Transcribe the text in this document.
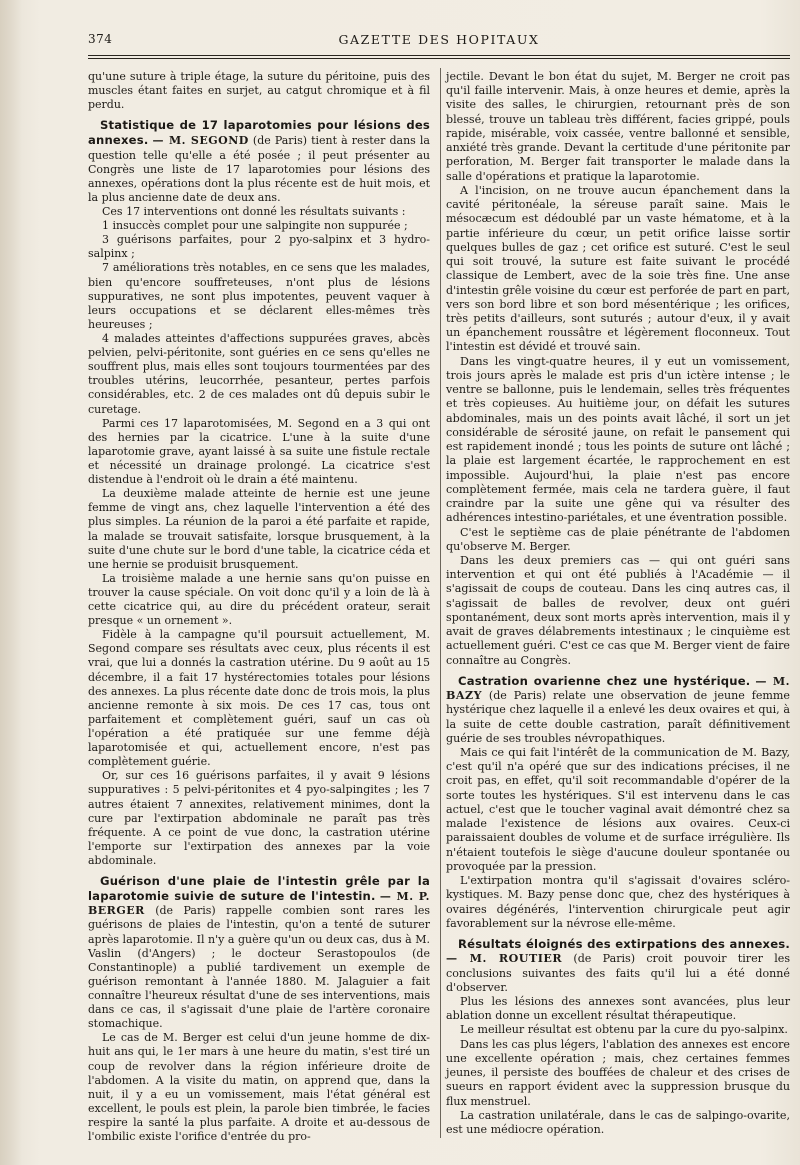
374	GAZETTE DES HOPITAUX

qu'une suture à triple étage, la suture du péritoine, puis des muscles étant faites en surjet, au catgut chromique et à fil perdu.

Statistique de 17 laparotomies pour lésions des annexes. — M. SEGOND (de Paris) tient à rester dans la question telle qu'elle a été posée ; il peut présenter au Congrès une liste de 17 laparotomies pour lésions des annexes, opérations dont la plus récente est de huit mois, et la plus ancienne date de deux ans.

Ces 17 interventions ont donné les résultats suivants :

1 insuccès complet pour une salpingite non suppurée ;

3 guérisons parfaites, pour 2 pyo-salpinx et 3 hydro-salpinx ;

7 améliorations très notables, en ce sens que les malades, bien qu'encore souffreteuses, n'ont plus de lésions suppuratives, ne sont plus impotentes, peuvent vaquer à leurs occupations et se déclarent elles-mêmes très heureuses ;

4 malades atteintes d'affections suppurées graves, abcès pelvien, pelvi-péritonite, sont guéries en ce sens qu'elles ne souffrent plus, mais elles sont toujours tourmentées par des troubles utérins, leucorrhée, pesanteur, pertes parfois considérables, etc. 2 de ces malades ont dû depuis subir le curetage.

Parmi ces 17 laparotomisées, M. Segond en a 3 qui ont des hernies par la cicatrice. L'une à la suite d'une laparotomie grave, ayant laissé à sa suite une fistule rectale et nécessité un drainage prolongé. La cicatrice s'est distendue à l'endroit où le drain a été maintenu.

La deuxième malade atteinte de hernie est une jeune femme de vingt ans, chez laquelle l'intervention a été des plus simples. La réunion de la paroi a été parfaite et rapide, la malade se trouvait satisfaite, lorsque brusquement, à la suite d'une chute sur le bord d'une table, la cicatrice céda et une hernie se produisit brusquement.

La troisième malade a une hernie sans qu'on puisse en trouver la cause spéciale. On voit donc qu'il y a loin de là à cette cicatrice qui, au dire du précédent orateur, serait presque « un ornement ».

Fidèle à la campagne qu'il poursuit actuellement, M. Segond compare ses résultats avec ceux, plus récents il est vrai, que lui a donnés la castration utérine. Du 9 août au 15 décembre, il a fait 17 hystérectomies totales pour lésions des annexes. La plus récente date donc de trois mois, la plus ancienne remonte à six mois. De ces 17 cas, tous ont parfaitement et complètement guéri, sauf un cas où l'opération a été pratiquée sur une femme déjà laparotomisée et qui, actuellement encore, n'est pas complètement guérie.

Or, sur ces 16 guérisons parfaites, il y avait 9 lésions suppuratives : 5 pelvi-péritonites et 4 pyo-salpingites ; les 7 autres étaient 7 annexites, relativement minimes, dont la cure par l'extirpation abdominale ne paraît pas très fréquente. A ce point de vue donc, la castration utérine l'emporte sur l'extirpation des annexes par la voie abdominale.

Guérison d'une plaie de l'intestin grêle par la laparotomie suivie de suture de l'intestin. — M. P. BERGER (de Paris) rappelle combien sont rares les guérisons de plaies de l'intestin, qu'on a tenté de suturer après laparotomie. Il n'y a guère qu'un ou deux cas, dus à M. Vaslin (d'Angers) ; le docteur Serastopoulos (de Constantinople) a publié tardivement un exemple de guérison remontant à l'année 1880. M. Jalaguier a fait connaître l'heureux résultat d'une de ses interventions, mais dans ce cas, il s'agissait d'une plaie de l'artère coronaire stomachique.

Le cas de M. Berger est celui d'un jeune homme de dix-huit ans qui, le 1er mars à une heure du matin, s'est tiré un coup de revolver dans la région inférieure droite de l'abdomen. A la visite du matin, on apprend que, dans la nuit, il y a eu un vomissement, mais l'état général est excellent, le pouls est plein, la parole bien timbrée, le facies respire la santé la plus parfaite. A droite et au-dessous de l'ombilic existe l'orifice d'entrée du pro-

jectile. Devant le bon état du sujet, M. Berger ne croit pas qu'il faille intervenir. Mais, à onze heures et demie, après la visite des salles, le chirurgien, retournant près de son blessé, trouve un tableau très différent, facies grippé, pouls rapide, misérable, voix cassée, ventre ballonné et sensible, anxiété très grande. Devant la certitude d'une péritonite par perforation, M. Berger fait transporter le malade dans la salle d'opérations et pratique la laparotomie.

A l'incision, on ne trouve aucun épanchement dans la cavité péritonéale, la séreuse paraît saine. Mais le mésocæcum est dédoublé par un vaste hématome, et à la partie inférieure du cœur, un petit orifice laisse sortir quelques bulles de gaz ; cet orifice est suturé. C'est le seul qui soit trouvé, la suture est faite suivant le procédé classique de Lembert, avec de la soie très fine. Une anse d'intestin grêle voisine du cœur est perforée de part en part, vers son bord libre et son bord mésentérique ; les orifices, très petits d'ailleurs, sont suturés ; autour d'eux, il y avait un épanchement roussâtre et légèrement floconneux. Tout l'intestin est dévidé et trouvé sain.

Dans les vingt-quatre heures, il y eut un vomissement, trois jours après le malade est pris d'un ictère intense ; le ventre se ballonne, puis le lendemain, selles très fréquentes et très copieuses. Au huitième jour, on défait les sutures abdominales, mais un des points avait lâché, il sort un jet considérable de sérosité jaune, on refait le pansement qui est rapidement inondé ; tous les points de suture ont lâché ; la plaie est largement écartée, le rapprochement en est impossible. Aujourd'hui, la plaie n'est pas encore complètement fermée, mais cela ne tardera guère, il faut craindre par la suite une gêne qui va résulter des adhérences intestino-pariétales, et une éventration possible.

C'est le septième cas de plaie pénétrante de l'abdomen qu'observe M. Berger.

Dans les deux premiers cas — qui ont guéri sans intervention et qui ont été publiés à l'Académie — il s'agissait de coups de couteau. Dans les cinq autres cas, il s'agissait de balles de revolver, deux ont guéri spontanément, deux sont morts après intervention, mais il y avait de graves délabrements intestinaux ; le cinquième est actuellement guéri. C'est ce cas que M. Berger vient de faire connaître au Congrès.

Castration ovarienne chez une hystérique. — M. BAZY (de Paris) relate une observation de jeune femme hystérique chez laquelle il a enlevé les deux ovaires et qui, à la suite de cette double castration, paraît définitivement guérie de ses troubles névropathiques.

Mais ce qui fait l'intérêt de la communication de M. Bazy, c'est qu'il n'a opéré que sur des indications précises, il ne croit pas, en effet, qu'il soit recommandable d'opérer de la sorte toutes les hystériques. S'il est intervenu dans le cas actuel, c'est que le toucher vaginal avait démontré chez sa malade l'existence de lésions aux ovaires. Ceux-ci paraissaient doubles de volume et de surface irrégulière. Ils n'étaient toutefois le siège d'aucune douleur spontanée ou provoquée par la pression.

L'extirpation montra qu'il s'agissait d'ovaires scléro-kystiques. M. Bazy pense donc que, chez des hystériques à ovaires dégénérés, l'intervention chirurgicale peut agir favorablement sur la névrose elle-même.

Résultats éloignés des extirpations des annexes. — M. ROUTIER (de Paris) croit pouvoir tirer les conclusions suivantes des faits qu'il lui a été donné d'observer.

Plus les lésions des annexes sont avancées, plus leur ablation donne un excellent résultat thérapeutique.

Le meilleur résultat est obtenu par la cure du pyo-salpinx.

Dans les cas plus légers, l'ablation des annexes est encore une excellente opération ; mais, chez certaines femmes jeunes, il persiste des bouffées de chaleur et des crises de sueurs en rapport évident avec la suppression brusque du flux menstruel.

La castration unilatérale, dans le cas de salpingo-ovarite, est une médiocre opération.
